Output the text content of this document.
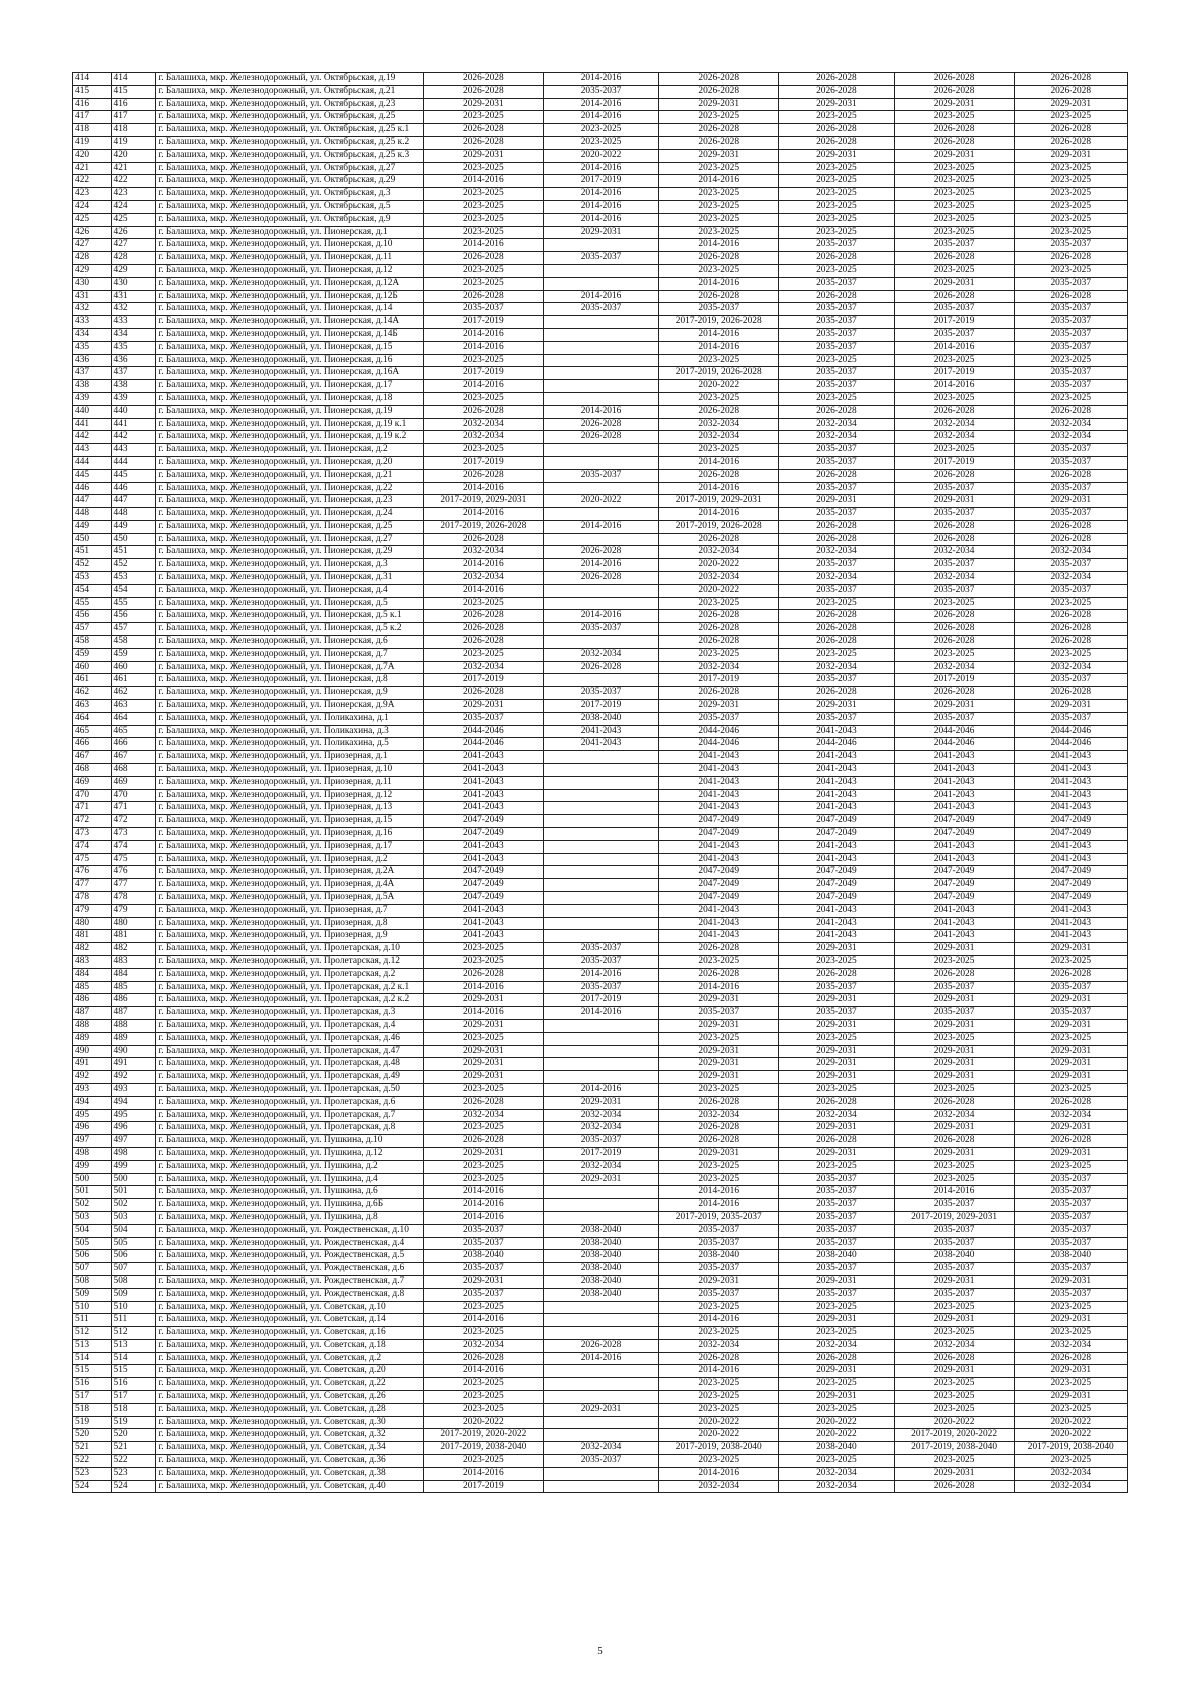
414	414	г. Балашиха, мкр. Железнодорожный, ул. Октябрьская, д.19	2026-2028	2014-2016	2026-2028	2026-2028	2026-2028	2026-2028
415	415	г. Балашиха, мкр. Железнодорожный, ул. Октябрьская, д.21	2026-2028	2035-2037	2026-2028	2026-2028	2026-2028	2026-2028
416	416	г. Балашиха, мкр. Железнодорожный, ул. Октябрьская, д.23	2029-2031	2014-2016	2029-2031	2029-2031	2029-2031	2029-2031
417	417	г. Балашиха, мкр. Железнодорожный, ул. Октябрьская, д.25	2023-2025	2014-2016	2023-2025	2023-2025	2023-2025	2023-2025
418	418	г. Балашиха, мкр. Железнодорожный, ул. Октябрьская, д.25 к.1	2026-2028	2023-2025	2026-2028	2026-2028	2026-2028	2026-2028
419	419	г. Балашиха, мкр. Железнодорожный, ул. Октябрьская, д.25 к.2	2026-2028	2023-2025	2026-2028	2026-2028	2026-2028	2026-2028
420	420	г. Балашиха, мкр. Железнодорожный, ул. Октябрьская, д.25 к.3	2029-2031	2020-2022	2029-2031	2029-2031	2029-2031	2029-2031
421	421	г. Балашиха, мкр. Железнодорожный, ул. Октябрьская, д.27	2023-2025	2014-2016	2023-2025	2023-2025	2023-2025	2023-2025
422	422	г. Балашиха, мкр. Железнодорожный, ул. Октябрьская, д.29	2014-2016	2017-2019	2014-2016	2023-2025	2023-2025	2023-2025
423	423	г. Балашиха, мкр. Железнодорожный, ул. Октябрьская, д.3	2023-2025	2014-2016	2023-2025	2023-2025	2023-2025	2023-2025
424	424	г. Балашиха, мкр. Железнодорожный, ул. Октябрьская, д.5	2023-2025	2014-2016	2023-2025	2023-2025	2023-2025	2023-2025
425	425	г. Балашиха, мкр. Железнодорожный, ул. Октябрьская, д.9	2023-2025	2014-2016	2023-2025	2023-2025	2023-2025	2023-2025
426	426	г. Балашиха, мкр. Железнодорожный, ул. Пионерская, д.1	2023-2025	2029-2031	2023-2025	2023-2025	2023-2025	2023-2025
427	427	г. Балашиха, мкр. Железнодорожный, ул. Пионерская, д.10	2014-2016		2014-2016	2035-2037	2035-2037	2035-2037
428	428	г. Балашиха, мкр. Железнодорожный, ул. Пионерская, д.11	2026-2028	2035-2037	2026-2028	2026-2028	2026-2028	2026-2028
429	429	г. Балашиха, мкр. Железнодорожный, ул. Пионерская, д.12	2023-2025		2023-2025	2023-2025	2023-2025	2023-2025
430	430	г. Балашиха, мкр. Железнодорожный, ул. Пионерская, д.12А	2023-2025		2014-2016	2035-2037	2029-2031	2035-2037
431	431	г. Балашиха, мкр. Железнодорожный, ул. Пионерская, д.12Б	2026-2028	2014-2016	2026-2028	2026-2028	2026-2028	2026-2028
432	432	г. Балашиха, мкр. Железнодорожный, ул. Пионерская, д.14	2035-2037	2035-2037	2035-2037	2035-2037	2035-2037	2035-2037
433	433	г. Балашиха, мкр. Железнодорожный, ул. Пионерская, д.14А	2017-2019		2017-2019, 2026-2028	2035-2037	2017-2019	2035-2037
434	434	г. Балашиха, мкр. Железнодорожный, ул. Пионерская, д.14Б	2014-2016		2014-2016	2035-2037	2035-2037	2035-2037
435	435	г. Балашиха, мкр. Железнодорожный, ул. Пионерская, д.15	2014-2016		2014-2016	2035-2037	2014-2016	2035-2037
436	436	г. Балашиха, мкр. Железнодорожный, ул. Пионерская, д.16	2023-2025		2023-2025	2023-2025	2023-2025	2023-2025
437	437	г. Балашиха, мкр. Железнодорожный, ул. Пионерская, д.16А	2017-2019		2017-2019, 2026-2028	2035-2037	2017-2019	2035-2037
438	438	г. Балашиха, мкр. Железнодорожный, ул. Пионерская, д.17	2014-2016		2020-2022	2035-2037	2014-2016	2035-2037
439	439	г. Балашиха, мкр. Железнодорожный, ул. Пионерская, д.18	2023-2025		2023-2025	2023-2025	2023-2025	2023-2025
440	440	г. Балашиха, мкр. Железнодорожный, ул. Пионерская, д.19	2026-2028	2014-2016	2026-2028	2026-2028	2026-2028	2026-2028
441	441	г. Балашиха, мкр. Железнодорожный, ул. Пионерская, д.19 к.1	2032-2034	2026-2028	2032-2034	2032-2034	2032-2034	2032-2034
442	442	г. Балашиха, мкр. Железнодорожный, ул. Пионерская, д.19 к.2	2032-2034	2026-2028	2032-2034	2032-2034	2032-2034	2032-2034
443	443	г. Балашиха, мкр. Железнодорожный, ул. Пионерская, д.2	2023-2025		2023-2025	2035-2037	2023-2025	2035-2037
444	444	г. Балашиха, мкр. Железнодорожный, ул. Пионерская, д.20	2017-2019		2014-2016	2035-2037	2017-2019	2035-2037
445	445	г. Балашиха, мкр. Железнодорожный, ул. Пионерская, д.21	2026-2028	2035-2037	2026-2028	2026-2028	2026-2028	2026-2028
446	446	г. Балашиха, мкр. Железнодорожный, ул. Пионерская, д.22	2014-2016		2014-2016	2035-2037	2035-2037	2035-2037
447	447	г. Балашиха, мкр. Железнодорожный, ул. Пионерская, д.23	2017-2019, 2029-2031	2020-2022	2017-2019, 2029-2031	2029-2031	2029-2031	2029-2031
448	448	г. Балашиха, мкр. Железнодорожный, ул. Пионерская, д.24	2014-2016		2014-2016	2035-2037	2035-2037	2035-2037
449	449	г. Балашиха, мкр. Железнодорожный, ул. Пионерская, д.25	2017-2019, 2026-2028	2014-2016	2017-2019, 2026-2028	2026-2028	2026-2028	2026-2028
450	450	г. Балашиха, мкр. Железнодорожный, ул. Пионерская, д.27	2026-2028		2026-2028	2026-2028	2026-2028	2026-2028
451	451	г. Балашиха, мкр. Железнодорожный, ул. Пионерская, д.29	2032-2034	2026-2028	2032-2034	2032-2034	2032-2034	2032-2034
452	452	г. Балашиха, мкр. Железнодорожный, ул. Пионерская, д.3	2014-2016	2014-2016	2020-2022	2035-2037	2035-2037	2035-2037
453	453	г. Балашиха, мкр. Железнодорожный, ул. Пионерская, д.31	2032-2034	2026-2028	2032-2034	2032-2034	2032-2034	2032-2034
454	454	г. Балашиха, мкр. Железнодорожный, ул. Пионерская, д.4	2014-2016		2020-2022	2035-2037	2035-2037	2035-2037
455	455	г. Балашиха, мкр. Железнодорожный, ул. Пионерская, д.5	2023-2025		2023-2025	2023-2025	2023-2025	2023-2025
456	456	г. Балашиха, мкр. Железнодорожный, ул. Пионерская, д.5 к.1	2026-2028	2014-2016	2026-2028	2026-2028	2026-2028	2026-2028
457	457	г. Балашиха, мкр. Железнодорожный, ул. Пионерская, д.5 к.2	2026-2028	2035-2037	2026-2028	2026-2028	2026-2028	2026-2028
458	458	г. Балашиха, мкр. Железнодорожный, ул. Пионерская, д.6	2026-2028		2026-2028	2026-2028	2026-2028	2026-2028
459	459	г. Балашиха, мкр. Железнодорожный, ул. Пионерская, д.7	2023-2025	2032-2034	2023-2025	2023-2025	2023-2025	2023-2025
460	460	г. Балашиха, мкр. Железнодорожный, ул. Пионерская, д.7А	2032-2034	2026-2028	2032-2034	2032-2034	2032-2034	2032-2034
461	461	г. Балашиха, мкр. Железнодорожный, ул. Пионерская, д.8	2017-2019		2017-2019	2035-2037	2017-2019	2035-2037
462	462	г. Балашиха, мкр. Железнодорожный, ул. Пионерская, д.9	2026-2028	2035-2037	2026-2028	2026-2028	2026-2028	2026-2028
463	463	г. Балашиха, мкр. Железнодорожный, ул. Пионерская, д.9А	2029-2031	2017-2019	2029-2031	2029-2031	2029-2031	2029-2031
464	464	г. Балашиха, мкр. Железнодорожный, ул. Поликахина, д.1	2035-2037	2038-2040	2035-2037	2035-2037	2035-2037	2035-2037
465	465	г. Балашиха, мкр. Железнодорожный, ул. Поликахина, д.3	2044-2046	2041-2043	2044-2046	2041-2043	2044-2046	2044-2046
466	466	г. Балашиха, мкр. Железнодорожный, ул. Поликахина, д.5	2044-2046	2041-2043	2044-2046	2044-2046	2044-2046	2044-2046
467	467	г. Балашиха, мкр. Железнодорожный, ул. Приозерная, д.1	2041-2043		2041-2043	2041-2043	2041-2043	2041-2043
468	468	г. Балашиха, мкр. Железнодорожный, ул. Приозерная, д.10	2041-2043		2041-2043	2041-2043	2041-2043	2041-2043
469	469	г. Балашиха, мкр. Железнодорожный, ул. Приозерная, д.11	2041-2043		2041-2043	2041-2043	2041-2043	2041-2043
470	470	г. Балашиха, мкр. Железнодорожный, ул. Приозерная, д.12	2041-2043		2041-2043	2041-2043	2041-2043	2041-2043
471	471	г. Балашиха, мкр. Железнодорожный, ул. Приозерная, д.13	2041-2043		2041-2043	2041-2043	2041-2043	2041-2043
472	472	г. Балашиха, мкр. Железнодорожный, ул. Приозерная, д.15	2047-2049		2047-2049	2047-2049	2047-2049	2047-2049
473	473	г. Балашиха, мкр. Железнодорожный, ул. Приозерная, д.16	2047-2049		2047-2049	2047-2049	2047-2049	2047-2049
474	474	г. Балашиха, мкр. Железнодорожный, ул. Приозерная, д.17	2041-2043		2041-2043	2041-2043	2041-2043	2041-2043
475	475	г. Балашиха, мкр. Железнодорожный, ул. Приозерная, д.2	2041-2043		2041-2043	2041-2043	2041-2043	2041-2043
476	476	г. Балашиха, мкр. Железнодорожный, ул. Приозерная, д.2А	2047-2049		2047-2049	2047-2049	2047-2049	2047-2049
477	477	г. Балашиха, мкр. Железнодорожный, ул. Приозерная, д.4А	2047-2049		2047-2049	2047-2049	2047-2049	2047-2049
478	478	г. Балашиха, мкр. Железнодорожный, ул. Приозерная, д.5А	2047-2049		2047-2049	2047-2049	2047-2049	2047-2049
479	479	г. Балашиха, мкр. Железнодорожный, ул. Приозерная, д.7	2041-2043		2041-2043	2041-2043	2041-2043	2041-2043
480	480	г. Балашиха, мкр. Железнодорожный, ул. Приозерная, д.8	2041-2043		2041-2043	2041-2043	2041-2043	2041-2043
481	481	г. Балашиха, мкр. Железнодорожный, ул. Приозерная, д.9	2041-2043		2041-2043	2041-2043	2041-2043	2041-2043
482	482	г. Балашиха, мкр. Железнодорожный, ул. Пролетарская, д.10	2023-2025	2035-2037	2026-2028	2029-2031	2029-2031	2029-2031
483	483	г. Балашиха, мкр. Железнодорожный, ул. Пролетарская, д.12	2023-2025	2035-2037	2023-2025	2023-2025	2023-2025	2023-2025
484	484	г. Балашиха, мкр. Железнодорожный, ул. Пролетарская, д.2	2026-2028	2014-2016	2026-2028	2026-2028	2026-2028	2026-2028
485	485	г. Балашиха, мкр. Железнодорожный, ул. Пролетарская, д.2 к.1	2014-2016	2035-2037	2014-2016	2035-2037	2035-2037	2035-2037
486	486	г. Балашиха, мкр. Железнодорожный, ул. Пролетарская, д.2 к.2	2029-2031	2017-2019	2029-2031	2029-2031	2029-2031	2029-2031
487	487	г. Балашиха, мкр. Железнодорожный, ул. Пролетарская, д.3	2014-2016	2014-2016	2035-2037	2035-2037	2035-2037	2035-2037
488	488	г. Балашиха, мкр. Железнодорожный, ул. Пролетарская, д.4	2029-2031		2029-2031	2029-2031	2029-2031	2029-2031
489	489	г. Балашиха, мкр. Железнодорожный, ул. Пролетарская, д.46	2023-2025		2023-2025	2023-2025	2023-2025	2023-2025
490	490	г. Балашиха, мкр. Железнодорожный, ул. Пролетарская, д.47	2029-2031		2029-2031	2029-2031	2029-2031	2029-2031
491	491	г. Балашиха, мкр. Железнодорожный, ул. Пролетарская, д.48	2029-2031		2029-2031	2029-2031	2029-2031	2029-2031
492	492	г. Балашиха, мкр. Железнодорожный, ул. Пролетарская, д.49	2029-2031		2029-2031	2029-2031	2029-2031	2029-2031
493	493	г. Балашиха, мкр. Железнодорожный, ул. Пролетарская, д.50	2023-2025	2014-2016	2023-2025	2023-2025	2023-2025	2023-2025
494	494	г. Балашиха, мкр. Железнодорожный, ул. Пролетарская, д.6	2026-2028	2029-2031	2026-2028	2026-2028	2026-2028	2026-2028
495	495	г. Балашиха, мкр. Железнодорожный, ул. Пролетарская, д.7	2032-2034	2032-2034	2032-2034	2032-2034	2032-2034	2032-2034
496	496	г. Балашиха, мкр. Железнодорожный, ул. Пролетарская, д.8	2023-2025	2032-2034	2026-2028	2029-2031	2029-2031	2029-2031
497	497	г. Балашиха, мкр. Железнодорожный, ул. Пушкина, д.10	2026-2028	2035-2037	2026-2028	2026-2028	2026-2028	2026-2028
498	498	г. Балашиха, мкр. Железнодорожный, ул. Пушкина, д.12	2029-2031	2017-2019	2029-2031	2029-2031	2029-2031	2029-2031
499	499	г. Балашиха, мкр. Железнодорожный, ул. Пушкина, д.2	2023-2025	2032-2034	2023-2025	2023-2025	2023-2025	2023-2025
500	500	г. Балашиха, мкр. Железнодорожный, ул. Пушкина, д.4	2023-2025	2029-2031	2023-2025	2035-2037	2023-2025	2035-2037
501	501	г. Балашиха, мкр. Железнодорожный, ул. Пушкина, д.6	2014-2016		2014-2016	2035-2037	2014-2016	2035-2037
502	502	г. Балашиха, мкр. Железнодорожный, ул. Пушкина, д.6Б	2014-2016		2014-2016	2035-2037	2035-2037	2035-2037
503	503	г. Балашиха, мкр. Железнодорожный, ул. Пушкина, д.8	2014-2016		2017-2019, 2035-2037	2035-2037	2017-2019, 2029-2031	2035-2037
504	504	г. Балашиха, мкр. Железнодорожный, ул. Рождественская, д.10	2035-2037	2038-2040	2035-2037	2035-2037	2035-2037	2035-2037
505	505	г. Балашиха, мкр. Железнодорожный, ул. Рождественская, д.4	2035-2037	2038-2040	2035-2037	2035-2037	2035-2037	2035-2037
506	506	г. Балашиха, мкр. Железнодорожный, ул. Рождественская, д.5	2038-2040	2038-2040	2038-2040	2038-2040	2038-2040	2038-2040
507	507	г. Балашиха, мкр. Железнодорожный, ул. Рождественская, д.6	2035-2037	2038-2040	2035-2037	2035-2037	2035-2037	2035-2037
508	508	г. Балашиха, мкр. Железнодорожный, ул. Рождественская, д.7	2029-2031	2038-2040	2029-2031	2029-2031	2029-2031	2029-2031
509	509	г. Балашиха, мкр. Железнодорожный, ул. Рождественская, д.8	2035-2037	2038-2040	2035-2037	2035-2037	2035-2037	2035-2037
510	510	г. Балашиха, мкр. Железнодорожный, ул. Советская, д.10	2023-2025		2023-2025	2023-2025	2023-2025	2023-2025
511	511	г. Балашиха, мкр. Железнодорожный, ул. Советская, д.14	2014-2016		2014-2016	2029-2031	2029-2031	2029-2031
512	512	г. Балашиха, мкр. Железнодорожный, ул. Советская, д.16	2023-2025		2023-2025	2023-2025	2023-2025	2023-2025
513	513	г. Балашиха, мкр. Железнодорожный, ул. Советская, д.18	2032-2034	2026-2028	2032-2034	2032-2034	2032-2034	2032-2034
514	514	г. Балашиха, мкр. Железнодорожный, ул. Советская, д.2	2026-2028	2014-2016	2026-2028	2026-2028	2026-2028	2026-2028
515	515	г. Балашиха, мкр. Железнодорожный, ул. Советская, д.20	2014-2016		2014-2016	2029-2031	2029-2031	2029-2031
516	516	г. Балашиха, мкр. Железнодорожный, ул. Советская, д.22	2023-2025		2023-2025	2023-2025	2023-2025	2023-2025
517	517	г. Балашиха, мкр. Железнодорожный, ул. Советская, д.26	2023-2025		2023-2025	2029-2031	2023-2025	2029-2031
518	518	г. Балашиха, мкр. Железнодорожный, ул. Советская, д.28	2023-2025	2029-2031	2023-2025	2023-2025	2023-2025	2023-2025
519	519	г. Балашиха, мкр. Железнодорожный, ул. Советская, д.30	2020-2022		2020-2022	2020-2022	2020-2022	2020-2022
520	520	г. Балашиха, мкр. Железнодорожный, ул. Советская, д.32	2017-2019, 2020-2022		2020-2022	2020-2022	2017-2019, 2020-2022	2020-2022
521	521	г. Балашиха, мкр. Железнодорожный, ул. Советская, д.34	2017-2019, 2038-2040	2032-2034	2017-2019, 2038-2040	2038-2040	2017-2019, 2038-2040	2017-2019, 2038-2040
522	522	г. Балашиха, мкр. Железнодорожный, ул. Советская, д.36	2023-2025	2035-2037	2023-2025	2023-2025	2023-2025	2023-2025
523	523	г. Балашиха, мкр. Железнодорожный, ул. Советская, д.38	2014-2016		2014-2016	2032-2034	2029-2031	2032-2034
524	524	г. Балашиха, мкр. Железнодорожный, ул. Советская, д.40	2017-2019		2032-2034	2032-2034	2026-2028	2032-2034
5
